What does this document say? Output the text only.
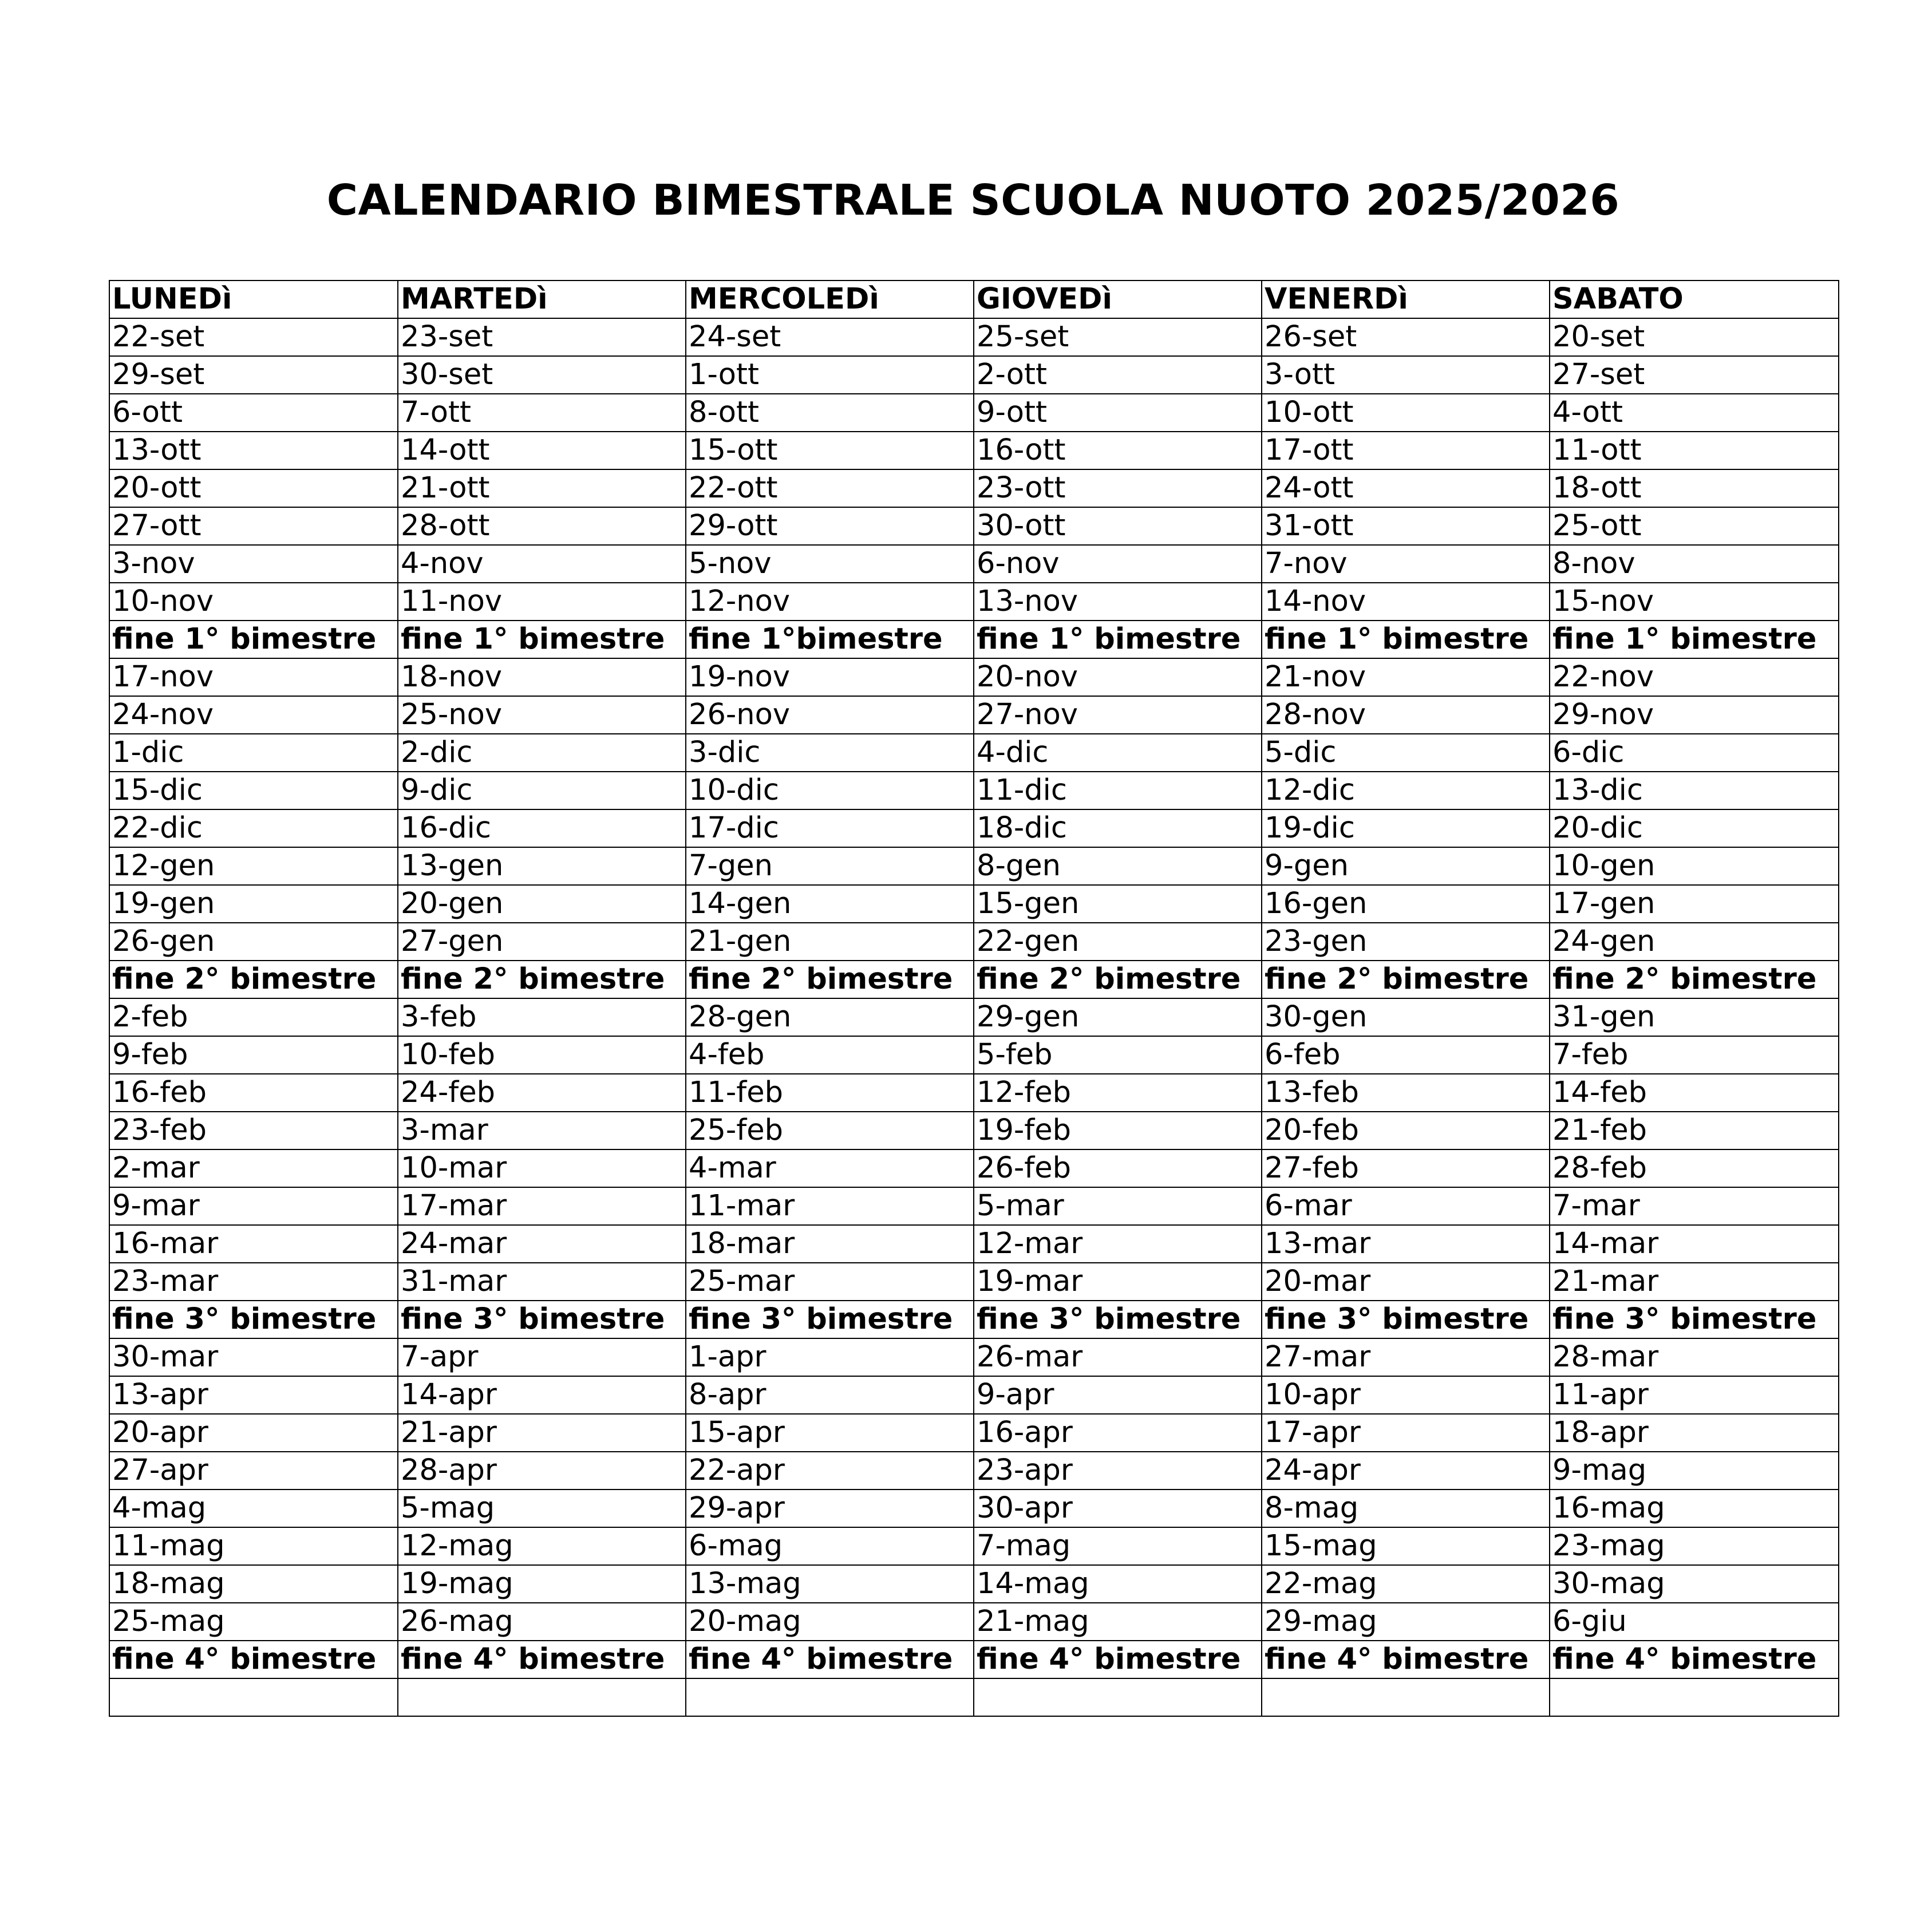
CALENDARIO BIMESTRALE SCUOLA NUOTO 2025/2026
LUNEDì	MARTEDì	MERCOLEDì	GIOVEDì	VENERDì	SABATO
22-set	23-set	24-set	25-set	26-set	20-set
29-set	30-set	1-ott	2-ott	3-ott	27-set
6-ott	7-ott	8-ott	9-ott	10-ott	4-ott
13-ott	14-ott	15-ott	16-ott	17-ott	11-ott
20-ott	21-ott	22-ott	23-ott	24-ott	18-ott
27-ott	28-ott	29-ott	30-ott	31-ott	25-ott
3-nov	4-nov	5-nov	6-nov	7-nov	8-nov
10-nov	11-nov	12-nov	13-nov	14-nov	15-nov
fine 1° bimestre	fine 1° bimestre	fine 1°bimestre	fine 1° bimestre	fine 1° bimestre	fine 1° bimestre
17-nov	18-nov	19-nov	20-nov	21-nov	22-nov
24-nov	25-nov	26-nov	27-nov	28-nov	29-nov
1-dic	2-dic	3-dic	4-dic	5-dic	6-dic
15-dic	9-dic	10-dic	11-dic	12-dic	13-dic
22-dic	16-dic	17-dic	18-dic	19-dic	20-dic
12-gen	13-gen	7-gen	8-gen	9-gen	10-gen
19-gen	20-gen	14-gen	15-gen	16-gen	17-gen
26-gen	27-gen	21-gen	22-gen	23-gen	24-gen
fine 2° bimestre	fine 2° bimestre	fine 2° bimestre	fine 2° bimestre	fine 2° bimestre	fine 2° bimestre
2-feb	3-feb	28-gen	29-gen	30-gen	31-gen
9-feb	10-feb	4-feb	5-feb	6-feb	7-feb
16-feb	24-feb	11-feb	12-feb	13-feb	14-feb
23-feb	3-mar	25-feb	19-feb	20-feb	21-feb
2-mar	10-mar	4-mar	26-feb	27-feb	28-feb
9-mar	17-mar	11-mar	5-mar	6-mar	7-mar
16-mar	24-mar	18-mar	12-mar	13-mar	14-mar
23-mar	31-mar	25-mar	19-mar	20-mar	21-mar
fine 3° bimestre	fine 3° bimestre	fine 3° bimestre	fine 3° bimestre	fine 3° bimestre	fine 3° bimestre
30-mar	7-apr	1-apr	26-mar	27-mar	28-mar
13-apr	14-apr	8-apr	9-apr	10-apr	11-apr
20-apr	21-apr	15-apr	16-apr	17-apr	18-apr
27-apr	28-apr	22-apr	23-apr	24-apr	9-mag
4-mag	5-mag	29-apr	30-apr	8-mag	16-mag
11-mag	12-mag	6-mag	7-mag	15-mag	23-mag
18-mag	19-mag	13-mag	14-mag	22-mag	30-mag
25-mag	26-mag	20-mag	21-mag	29-mag	6-giu
fine 4° bimestre	fine 4° bimestre	fine 4° bimestre	fine 4° bimestre	fine 4° bimestre	fine 4° bimestre
